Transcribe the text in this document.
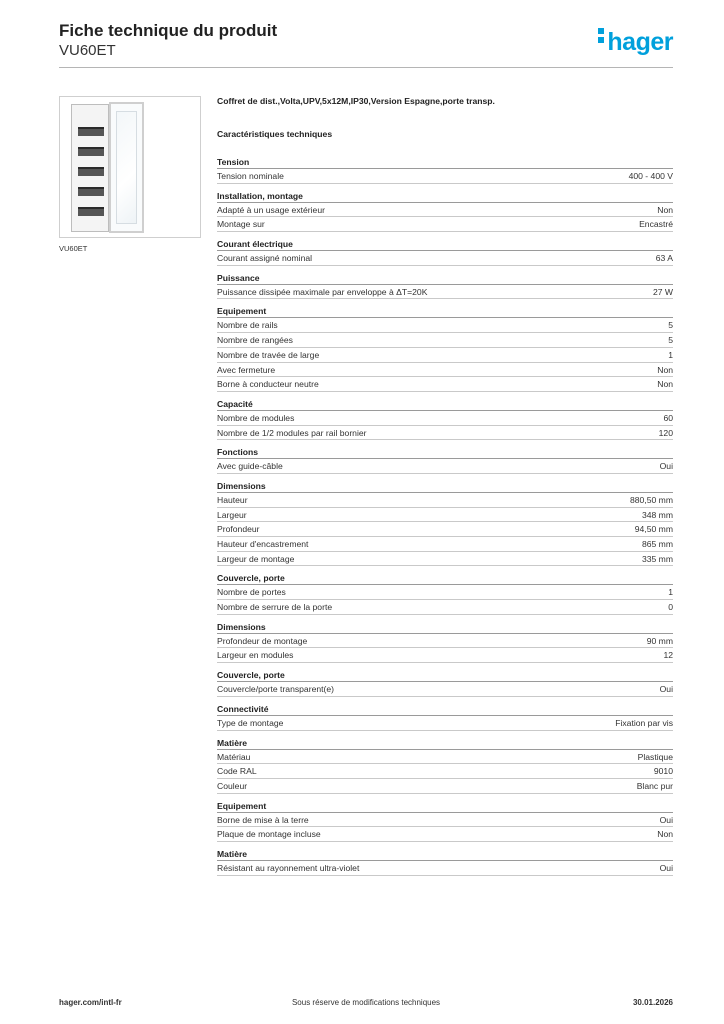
Fiche technique du produit
VU60ET	hager
VU60ET
Coffret de dist.,Volta,UPV,5x12M,IP30,Version Espagne,porte transp.
Caractéristiques techniques
Tension
Tension nominale	400 - 400 V
Installation, montage
Adapté à un usage extérieur	Non
Montage sur	Encastré
Courant électrique
Courant assigné nominal	63 A
Puissance
Puissance dissipée maximale par enveloppe à ΔT=20K	27 W
Equipement
Nombre de rails	5
Nombre de rangées	5
Nombre de travée de large	1
Avec fermeture	Non
Borne à conducteur neutre	Non
Capacité
Nombre de modules	60
Nombre de 1/2 modules par rail bornier	120
Fonctions
Avec guide-câble	Oui
Dimensions
Hauteur	880,50 mm
Largeur	348 mm
Profondeur	94,50 mm
Hauteur d'encastrement	865 mm
Largeur de montage	335 mm
Couvercle, porte
Nombre de portes	1
Nombre de serrure de la porte	0
Dimensions
Profondeur de montage	90 mm
Largeur en modules	12
Couvercle, porte
Couvercle/porte transparent(e)	Oui
Connectivité
Type de montage	Fixation par vis
Matière
Matériau	Plastique
Code RAL	9010
Couleur	Blanc pur
Equipement
Borne de mise à la terre	Oui
Plaque de montage incluse	Non
Matière
Résistant au rayonnement ultra-violet	Oui
hager.com/intl-fr	Sous réserve de modifications techniques	30.01.2026
